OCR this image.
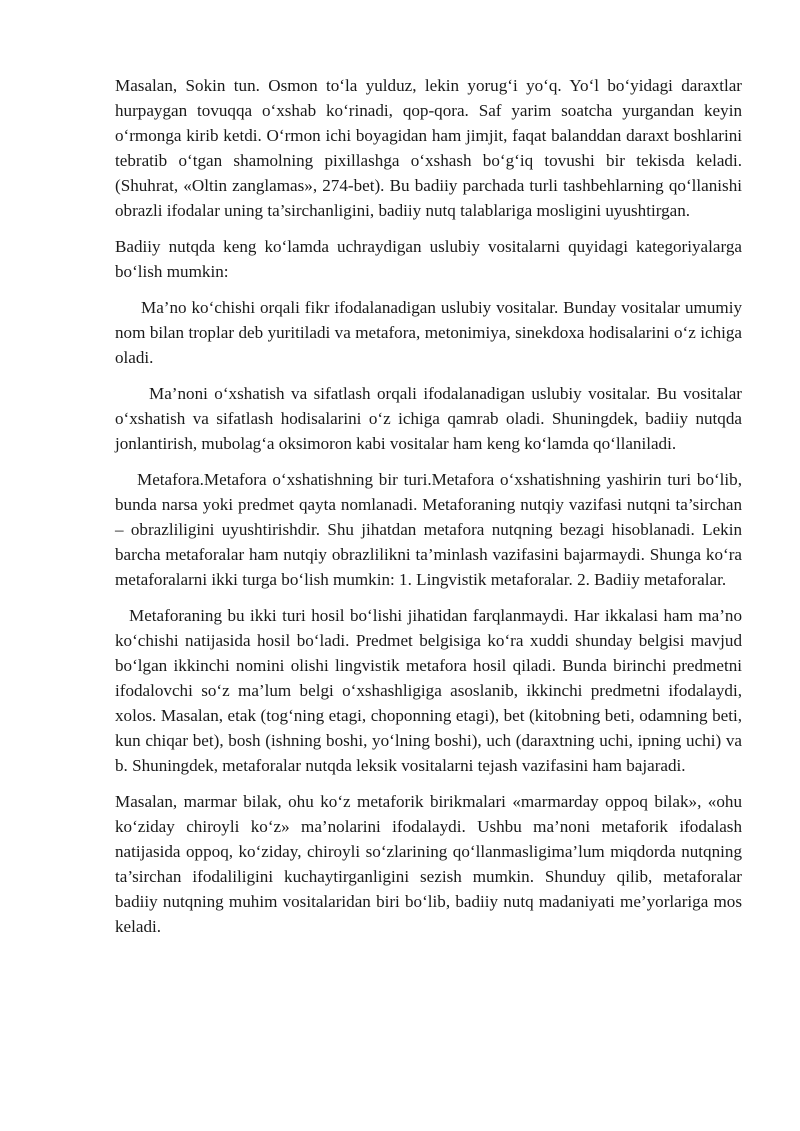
Masalan, Sokin tun. Osmon to‘la yulduz, lekin yorug‘i yo‘q. Yo‘l bo‘yidagi daraxtlar hurpaygan tovuqqa o‘xshab ko‘rinadi, qop-qora. Saf yarim soatcha yurgandan keyin o‘rmonga kirib ketdi. O‘rmon ichi boyagidan ham jimjit, faqat balanddan daraxt boshlarini tebratib o‘tgan shamolning pixillashga o‘xshash bo‘g‘iq tovushi bir tekisda keladi. (Shuhrat, «Oltin zanglamas», 274-bet). Bu badiiy parchada turli tashbehlarning qo‘llanishi obrazli ifodalar uning ta’sirchanligini, badiiy nutq talablariga mosligini uyushtirgan.

Badiiy nutqda keng ko‘lamda uchraydigan uslubiy vositalarni quyidagi kategoriyalarga bo‘lish mumkin:

Ma’no ko‘chishi orqali fikr ifodalanadigan uslubiy vositalar. Bunday vositalar umumiy nom bilan troplar deb yuritiladi va metafora, metonimiya, sinekdoxa hodisalarini o‘z ichiga oladi.

Ma’noni o‘xshatish va sifatlash orqali ifodalanadigan uslubiy vositalar. Bu vositalar o‘xshatish va sifatlash hodisalarini o‘z ichiga qamrab oladi. Shuningdek, badiiy nutqda jonlantirish, mubolag‘a oksimoron kabi vositalar ham keng ko‘lamda qo‘llaniladi.

Metafora.Metafora o‘xshatishning bir turi.Metafora o‘xshatishning yashirin turi bo‘lib, bunda narsa yoki predmet qayta nomlanadi. Metaforaning nutqiy vazifasi nutqni ta’sirchan – obrazliligini uyushtirishdir. Shu jihatdan metafora nutqning bezagi hisoblanadi. Lekin barcha metaforalar ham nutqiy obrazlilikni ta’minlash vazifasini bajarmaydi. Shunga ko‘ra metaforalarni ikki turga bo‘lish mumkin: 1. Lingvistik metaforalar. 2. Badiiy metaforalar.

Metaforaning bu ikki turi hosil bo‘lishi jihatidan farqlanmaydi. Har ikkalasi ham ma’no ko‘chishi natijasida hosil bo‘ladi. Predmet belgisiga ko‘ra xuddi shunday belgisi mavjud bo‘lgan ikkinchi nomini olishi lingvistik metafora hosil qiladi. Bunda birinchi predmetni ifodalovchi so‘z ma’lum belgi o‘xshashligiga asoslanib, ikkinchi predmetni ifodalaydi, xolos. Masalan, etak (tog‘ning etagi, choponning etagi), bet (kitobning beti, odamning beti, kun chiqar bet), bosh (ishning boshi, yo‘lning boshi), uch (daraxtning uchi, ipning uchi) va b. Shuningdek, metaforalar nutqda leksik vositalarni tejash vazifasini ham bajaradi.

Masalan, marmar bilak, ohu ko‘z metaforik birikmalari «marmarday oppoq bilak», «ohu ko‘ziday chiroyli ko‘z» ma’nolarini ifodalaydi. Ushbu ma’noni metaforik ifodalash natijasida oppoq, ko‘ziday, chiroyli so‘zlarining qo‘llanmasligima’lum miqdorda nutqning ta’sirchan ifodaliligini kuchaytirganligini sezish mumkin. Shunduy qilib, metaforalar badiiy nutqning muhim vositalaridan biri bo‘lib, badiiy nutq madaniyati me’yorlariga mos keladi.
